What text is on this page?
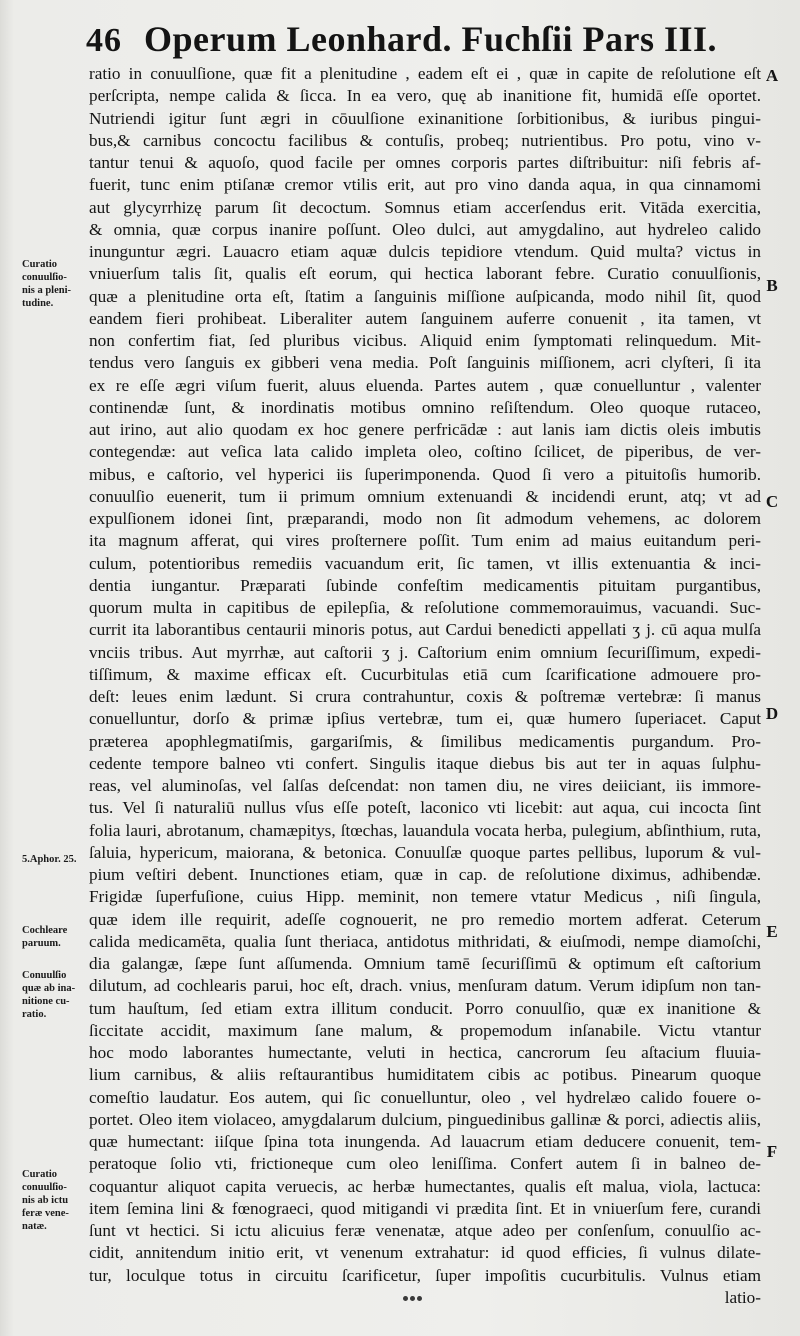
46 Operum Leonhard. Fuchſii Pars III.
ratio in conuulſione, quæ fit a plenitudine , eadem eſt ei , quæ in capite de reſolutione eſt
perſcripta, nempe calida & ſicca. In ea vero, quę ab inanitione fit, humidā eſſe oportet.
Nutriendi igitur ſunt ægri in cōuulſione exinanitione ſorbitionibus, & iuribus pingui-
bus,& carnibus concoctu facilibus & contuſis, probeq; nutrientibus. Pro potu, vino v-
tantur tenui & aquoſo, quod facile per omnes corporis partes diſtribuitur: niſi febris af-
fuerit, tunc enim ptiſanæ cremor vtilis erit, aut pro vino danda aqua, in qua cinnamomi
aut glycyrrhizę parum ſit decoctum. Somnus etiam accerſendus erit. Vitāda exercitia,
& omnia, quæ corpus inanire poſſunt. Oleo dulci, aut amygdalino, aut hydreleo calido
inunguntur ægri. Lauacro etiam aquæ dulcis tepidiore vtendum. Quid multa? victus in
vniuerſum talis ſit, qualis eſt eorum, qui hectica laborant febre. Curatio conuulſionis,
quæ a plenitudine orta eſt, ſtatim a ſanguinis miſſione auſpicanda, modo nihil ſit, quod
eandem fieri prohibeat. Liberaliter autem ſanguinem auferre conuenit , ita tamen, vt
non confertim fiat, ſed pluribus vicibus. Aliquid enim ſymptomati relinquedum. Mit-
tendus vero ſanguis ex gibberi vena media. Poſt ſanguinis miſſionem, acri clyſteri, ſi ita
ex re eſſe ægri viſum fuerit, aluus eluenda. Partes autem , quæ conuelluntur , valenter
continendæ ſunt, & inordinatis motibus omnino reſiſtendum. Oleo quoque rutaceo,
aut irino, aut alio quodam ex hoc genere perfricādæ : aut lanis iam dictis oleis imbutis
contegendæ: aut veſica lata calido impleta oleo, coſtino ſcilicet, de piperibus, de ver-
mibus, e caſtorio, vel hyperici iis ſuperimponenda. Quod ſi vero a pituitoſis humorib.
conuulſio euenerit, tum ii primum omnium extenuandi & incidendi erunt, atq; vt ad
expulſionem idonei ſint, præparandi, modo non ſit admodum vehemens, ac dolorem
ita magnum afferat, qui vires proſternere poſſit. Tum enim ad maius euitandum peri-
culum, potentioribus remediis vacuandum erit, ſic tamen, vt illis extenuantia & inci-
dentia iungantur. Præparati ſubinde confeſtim medicamentis pituitam purgantibus,
quorum multa in capitibus de epilepſia, & reſolutione commemorauimus, vacuandi. Suc-
currit ita laborantibus centaurii minoris potus, aut Cardui benedicti appellati ʒ j. cū aqua mulſa
vnciis tribus. Aut myrrhæ, aut caſtorii ʒ j. Caſtorium enim omnium ſecuriſſimum, expedi-
tiſſimum, & maxime efficax eſt. Cucurbitulas etiā cum ſcarificatione admouere pro-
deſt: leues enim lædunt. Si crura contrahuntur, coxis & poſtremæ vertebræ: ſi manus
conuelluntur, dorſo & primæ ipſius vertebræ, tum ei, quæ humero ſuperiacet. Caput
præterea apophlegmatiſmis, gargariſmis, & ſimilibus medicamentis purgandum. Pro-
cedente tempore balneo vti confert. Singulis itaque diebus bis aut ter in aquas ſulphu-
reas, vel aluminoſas, vel ſalſas deſcendat: non tamen diu, ne vires deiiciant, iis immore-
tus. Vel ſi naturaliū nullus vſus eſſe poteſt, laconico vti licebit: aut aqua, cui incocta ſint
folia lauri, abrotanum, chamæpitys, ſtœchas, lauandula vocata herba, pulegium, abſinthium, ruta,
ſaluia, hypericum, maiorana, & betonica. Conuulſæ quoque partes pellibus, luporum & vul-
pium veſtiri debent. Inunctiones etiam, quæ in cap. de reſolutione diximus, adhibendæ.
Frigidæ ſuperfuſione, cuius Hipp. meminit, non temere vtatur Medicus , niſi ſingula,
quæ idem ille requirit, adeſſe cognouerit, ne pro remedio mortem adferat. Ceterum
calida medicamēta, qualia ſunt theriaca, antidotus mithridati, & eiuſmodi, nempe diamoſchi,
dia galangæ, ſæpe ſunt aſſumenda. Omnium tamē ſecuriſſimū & optimum eſt caſtorium
dilutum, ad cochlearis parui, hoc eſt, drach. vnius, menſuram datum. Verum idipſum non tan-
tum hauſtum, ſed etiam extra illitum conducit. Porro conuulſio, quæ ex inanitione &
ſiccitate accidit, maximum ſane malum, & propemodum inſanabile. Victu vtantur
hoc modo laborantes humectante, veluti in hectica, cancrorum ſeu aſtacium fluuia-
lium carnibus, & aliis reſtaurantibus humiditatem cibis ac potibus. Pinearum quoque
comeſtio laudatur. Eos autem, qui ſic conuelluntur, oleo , vel hydrelæo calido fouere o-
portet. Oleo item violaceo, amygdalarum dulcium, pinguedinibus gallinæ & porci, adiectis aliis,
quæ humectant: iiſque ſpina tota inungenda. Ad lauacrum etiam deducere conuenit, tem-
peratoque ſolio vti, frictioneque cum oleo leniſſima. Confert autem ſi in balneo de-
coquantur aliquot capita veruecis, ac herbæ humectantes, qualis eſt malua, viola, lactuca:
item ſemina lini & fœnograeci, quod mitigandi vi prædita ſint. Et in vniuerſum fere, curandi
ſunt vt hectici. Si ictu alicuius feræ venenatæ, atque adeo per conſenſum, conuulſio ac-
cidit, annitendum initio erit, vt venenum extrahatur: id quod efficies, ſi vulnus dilate-
tur, loculque totus in circuitu ſcarificetur, ſuper impoſitis cucurbitulis. Vulnus etiam
latio-
Curatio
conuulſio-
nis a pleni-
tudine.
5.Aphor. 25.
Cochleare
paruum.
Conuulſio
quæ ab ina-
nitione cu-
ratio.
Curatio
conuulſio-
nis ab ictu
feræ vene-
natæ.
A
B
C
D
E
F
